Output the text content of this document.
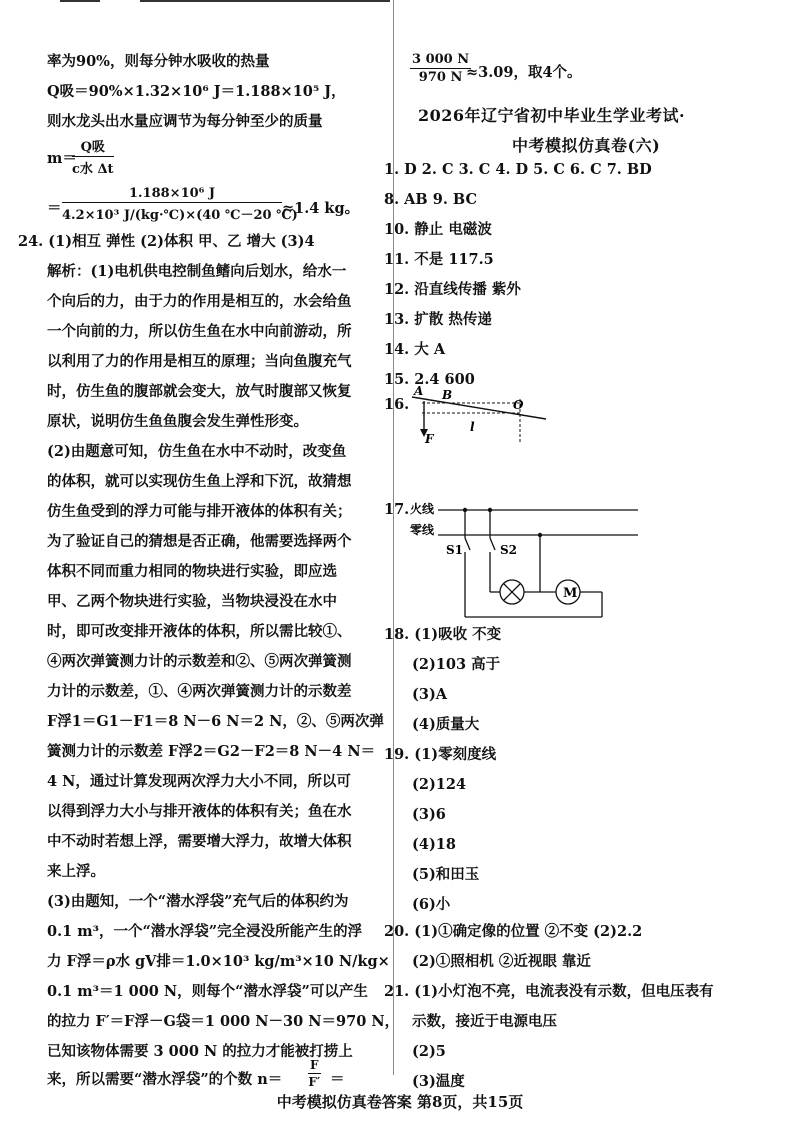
率为90%，则每分钟水吸收的热量
Q吸＝90%×1.32×10⁶ J＝1.188×10⁵ J，
则水龙头出水量应调节为每分钟至少的质量
m＝
Q吸
c水 Δt
＝ $\frac{\text{1.188×10⁶ J}}{\text{4.2×10³ J/(kg·℃)×(40 ℃－20 ℃)}} \approx 1.4$ kg。
24. (1)相互 弹性 (2)体积 甲、乙 增大 (3)4
解析：(1)电机供电控制鱼鳍向后划水，给水一
个向后的力，由于力的作用是相互的，水会给鱼
一个向前的力，所以仿生鱼在水中向前游动，所
以利用了力的作用是相互的原理；当向鱼腹充气
时，仿生鱼的腹部就会变大，放气时腹部又恢复
原状，说明仿生鱼鱼腹会发生弹性形变。
(2)由题意可知，仿生鱼在水中不动时，改变鱼
的体积，就可以实现仿生鱼上浮和下沉，故猜想
仿生鱼受到的浮力可能与排开液体的体积有关；
为了验证自己的猜想是否正确，他需要选择两个
体积不同而重力相同的物块进行实验，即应选
甲、乙两个物块进行实验，当物块浸没在水中
时，即可改变排开液体的体积，所以需比较①、
④两次弹簧测力计的示数差和②、⑤两次弹簧测
力计的示数差，①、④两次弹簧测力计的示数差
F浮1＝G1－F1＝8 N－6 N＝2 N，②、⑤两次弹
簧测力计的示数差 F浮2＝G2－F2＝8 N－4 N＝
4 N，通过计算发现两次浮力大小不同，所以可
以得到浮力大小与排开液体的体积有关；鱼在水
中不动时若想上浮，需要增大浮力，故增大体积
来上浮。
(3)由题知，一个“潜水浮袋”充气后的体积约为
0.1 m³，一个“潜水浮袋”完全浸没所能产生的浮
力 F浮＝ρ水 gV排＝1.0×10³ kg/m³×10 N/kg×
0.1 m³＝1 000 N，则每个“潜水浮袋”可以产生
的拉力 F′＝F浮－G袋＝1 000 N－30 N＝970 N，
已知该物体需要 3 000 N 的拉力才能被打捞上
来，所以需要“潜水浮袋”的个数 $n= \frac{F}{F'}$ ＝
$\frac{3 000 N}{970 N}$
≈3.09，取4个。
2026年辽宁省初中毕业生学业考试·
中考模拟仿真卷(六)
1. D 2. C 3. C 4. D 5. C 6. C 7. BD
8. AB 9. BC
10. 静止 电磁波
11. 不是 117.5
12. 沿直线传播 紫外
13. 扩散 热传递
14. 大 A
15. 2.4 600
16.
A B
O
F
l
17.
M
火线
零线
S1	S2
18. (1)吸收 不变
(2)103 高于
(3)A
(4)质量大
19. (1)零刻度线
(2)124
(3)6
(4)18
(5)和田玉
(6)小
20. (1)①确定像的位置 ②不变 (2)2.2
(2)①照相机 ②近视眼 靠近
21. (1)小灯泡不亮，电流表没有示数，但电压表有
示数，接近于电源电压
(2)5
(3)温度
中考模拟仿真卷答案 第8页，共15页
